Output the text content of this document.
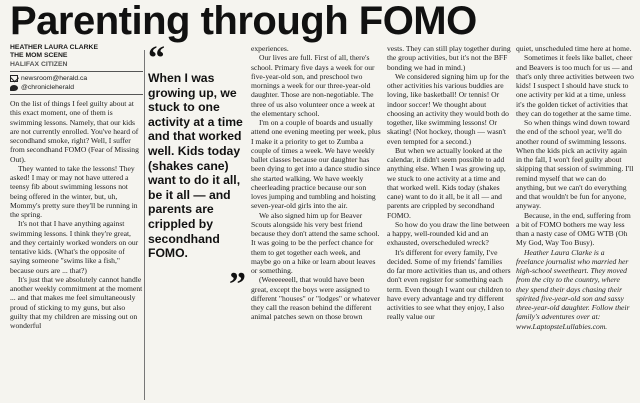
Parenting through FOMO
HEATHER LAURA CLARKE
THE MOM SCENE
HALIFAX CITIZEN
newsroom@herald.ca
@chronicleherald

On the list of things I feel guilty about at this exact moment, one of them is swimming lessons. Namely, that our kids are not currently enrolled. You've heard of secondhand smoke, right? Well, I suffer from secondhand FOMO (Fear of Missing Out).

They wanted to take the lessons! They asked! I may or may not have uttered a teensy fib about swimming lessons not being offered in the winter, but, uh, Mommy's pretty sure they'll be running in the spring.

It's not that I have anything against swimming lessons. I think they're great, and they certainly worked wonders on our tentative kids. (What's the opposite of saying someone "swims like a fish," because ours are ... that?)

It's just that we absolutely cannot handle another weekly commitment at the moment ... and that makes me feel simultaneously proud of sticking to my guns, but also guilty that my children are missing out on wonderful

“
When I was growing up, we stuck to one activity at a time and that worked well. Kids today (shakes cane) want to do it all, be it all — and parents are crippled by secondhand FOMO.
”

experiences.

Our lives are full. First of all, there's school. Primary five days a week for our five-year-old son, and preschool two mornings a week for our three-year-old daughter. Those are non-negotiable. The three of us also volunteer once a week at the elementary school.

I'm on a couple of boards and usually attend one evening meeting per week, plus I make it a priority to get to Zumba a couple of times a week. We have weekly ballet classes because our daughter has been dying to get into a dance studio since she started walking. We have weekly cheerleading practice because our son loves jumping and tumbling and hoisting seven-year-old girls into the air.

We also signed him up for Beaver Scouts alongside his very best friend because they don't attend the same school. It was going to be the perfect chance for them to get together each week, and maybe go on a hike or learn about leaves or something.

(Weeeeeeell, that would have been great, except the boys were assigned to different "houses" or "lodges" or whatever they call the reason behind the different animal patches sewn on those brown

vests. They can still play together during the group activities, but it's not the BFF bonding we had in mind.)

We considered signing him up for the other activities his various buddies are loving, like basketball! Or tennis! Or indoor soccer! We thought about choosing an activity they would both do together, like swimming lessons! Or skating! (Not hockey, though — wasn't even tempted for a second.)

But when we actually looked at the calendar, it didn't seem possible to add anything else. When I was growing up, we stuck to one activity at a time and that worked well. Kids today (shakes cane) want to do it all, be it all — and parents are crippled by secondhand FOMO.

So how do you draw the line between a happy, well-rounded kid and an exhausted, overscheduled wreck?

It's different for every family, I've decided. Some of my friends' families do far more activities than us, and others don't even register for something each term. Even though I want our children to have every advantage and try different activities to see what they enjoy, I also really value our

quiet, unscheduled time here at home.

Sometimes it feels like ballet, cheer and Beavers is too much for us — and that's only three activities between two kids! I suspect I should have stuck to one activity per kid at a time, unless it's the golden ticket of activities that they can do together at the same time.

So when things wind down toward the end of the school year, we'll do another round of swimming lessons. When the kids pick an activity again in the fall, I won't feel guilty about skipping that session of swimming. I'll remind myself that we can do anything, but we can't do everything and that wouldn't be fun for anyone, anyway.

Because, in the end, suffering from a bit of FOMO bothers me way less than a nasty case of OMG WTB (Oh My God, Way Too Busy).

Heather Laura Clarke is a freelance journalist who married her high-school sweetheart. They moved from the city to the country, where they spend their days chasing their spirited five-year-old son and sassy three-year-old daughter. Follow their family's adventures over at: www.LaptopsteLullabies.com.
